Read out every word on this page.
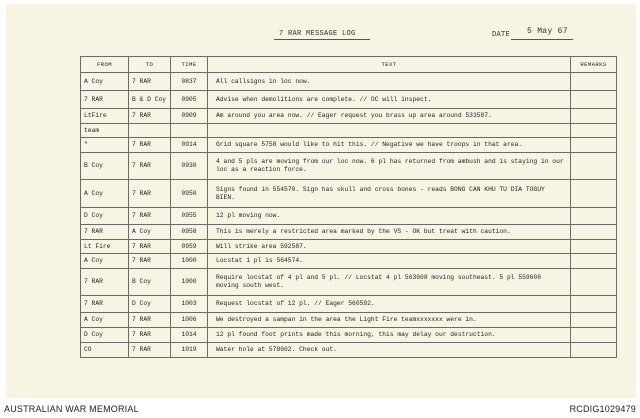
7 RAR MESSAGE LOG	DATE 5 May 67
FROM	TO	TIME	TEXT	REMARKS
A Coy	7 RAR	0837	All callsigns in loc now.	
7 RAR	B & D Coy	0905	Advise when demolitions are complete. // OC will inspect.	
LtFire	7 RAR	0909	Am around you area now. // Eager request you brass up area around 533587.	
team				
"	7 RAR	0914	Grid square 5758 would like to hit this. // Negative we have troops in that area.	
B Coy	7 RAR	0930	4 and 5 pls are moving from our loc now. 6 pl has returned from ambush and is staying in our loc as a reaction force.	
A Coy	7 RAR	0950	Signs found in 554570. Sign has skull and cross bones - reads BONG CAN KHU TU DIA TOGUY BIEN.	
D Coy	7 RAR	0955	12 pl moving now.	
7 RAR	A Coy	0958	This is merely a restricted area marked by the VS - OK but treat with caution.	
Lt Fire	7 RAR	0959	Will strike area 592587.	
A Coy	7 RAR	1000	Locstat 1 pl is 564574.	
7 RAR	B Coy	1000	Require locstat of 4 pl and 5 pl. // Locstat 4 pl 563608 moving southeast. 5 pl 559608 moving south west.	
7 RAR	D Coy	1003	Request locstat of 12 pl. // Eager 560592.	
A Coy	7 RAR	1006	We destroyed a sampan in the area the Light Fire teamxxxxxxx were in.	
D Coy	7 RAR	1014	12 pl found foot prints made this morning, this may delay our destruction.	
CO	7 RAR	1019	Water hole at 578602. Check out.	
AUSTRALIAN WAR MEMORIAL	RCDIG1029479
